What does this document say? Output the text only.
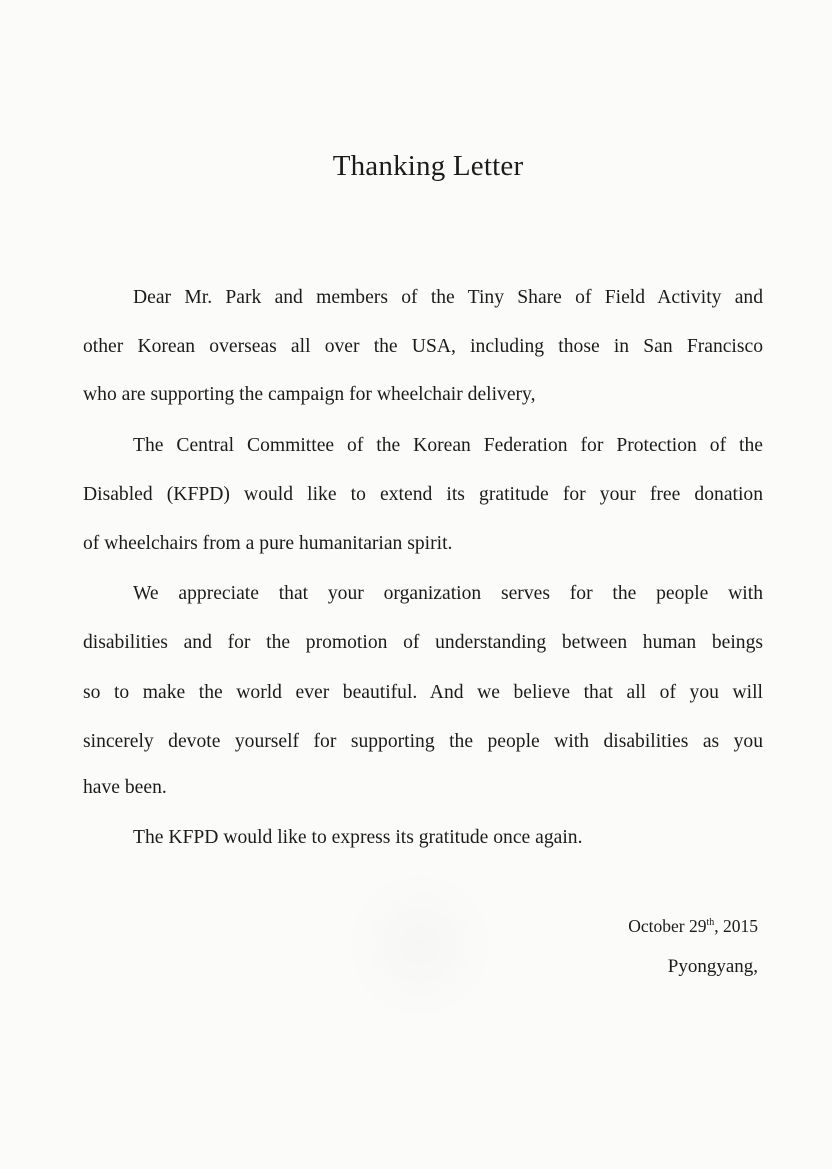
Thanking Letter
Dear Mr. Park and members of the Tiny Share of Field Activity and
other Korean overseas all over the USA, including those in San Francisco
who are supporting the campaign for wheelchair delivery,
The Central Committee of the Korean Federation for Protection of the
Disabled (KFPD) would like to extend its gratitude for your free donation
of wheelchairs from a pure humanitarian spirit.
We appreciate that your organization serves for the people with
disabilities and for the promotion of understanding between human beings
so to make the world ever beautiful. And we believe that all of you will
sincerely devote yourself for supporting the people with disabilities as you
have been.
The KFPD would like to express its gratitude once again.
October 29th, 2015
Pyongyang,
